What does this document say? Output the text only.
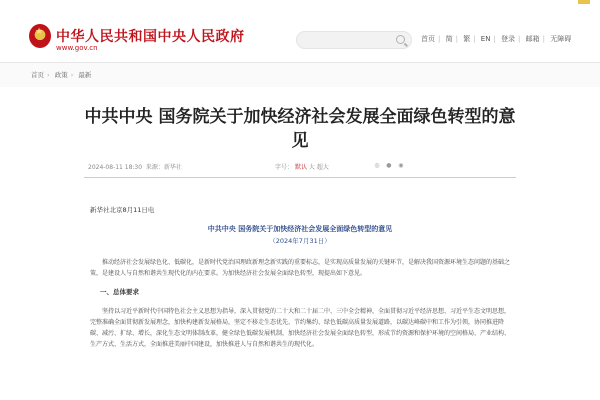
★
中华人民共和国中央人民政府
www.gov.cn
首页 | 简 | 繁 | EN | 登录 | 邮箱 | 无障碍
首页 › 政策 › 最新
中共中央 国务院关于加快经济社会发展全面绿色转型的意见
2024-08-11 18:30 来源：新华社	字号： 默认 大 超大	◎ ● ◉
新华社北京8月11日电
中共中央 国务院关于加快经济社会发展全面绿色转型的意见
（2024年7月31日）
推动经济社会发展绿色化、低碳化，是新时代党治国理政新理念新实践的重要标志，是实现高质量发展的关键环节，是解决我国资源环境生态问题的基础之策，是建设人与自然和谐共生现代化的内在要求。为加快经济社会发展全面绿色转型，现提出如下意见。
一、总体要求
坚持以习近平新时代中国特色社会主义思想为指导，深入贯彻党的二十大和二十届二中、三中全会精神，全面贯彻习近平经济思想、习近平生态文明思想，完整准确全面贯彻新发展理念，加快构建新发展格局，坚定不移走生态优先、节约集约、绿色低碳高质量发展道路，以碳达峰碳中和工作为引领，协同推进降碳、减污、扩绿、增长，深化生态文明体制改革，健全绿色低碳发展机制，加快经济社会发展全面绿色转型，形成节约资源和保护环境的空间格局、产业结构、生产方式、生活方式，全面推进美丽中国建设，加快推进人与自然和谐共生的现代化。
